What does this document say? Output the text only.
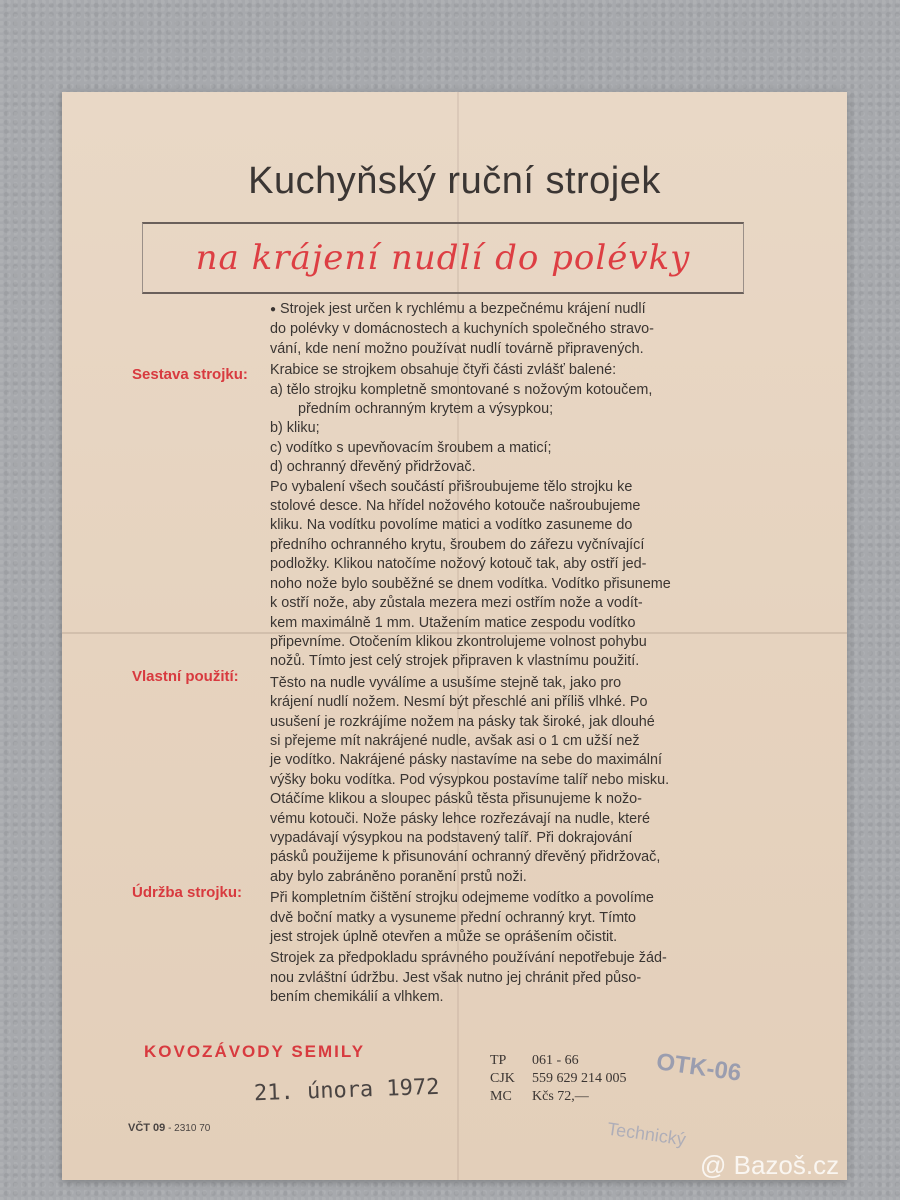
Kuchyňský ruční strojek
na krájení nudlí do polévky
Sestava strojku:
Vlastní použití:
Údržba strojku:
● Strojek jest určen k rychlému a bezpečnému krájení nudlí
do polévky v domácnostech a kuchyních společného stravo-
vání, kde není možno používat nudlí továrně připravených.
Krabice se strojkem obsahuje čtyři části zvlášť balené:
a) tělo strojku kompletně smontované s nožovým kotoučem,
předním ochranným krytem a výsypkou;
b) kliku;
c) vodítko s upevňovacím šroubem a maticí;
d) ochranný dřevěný přidržovač.
Po vybalení všech součástí přišroubujeme tělo strojku ke
stolové desce. Na hřídel nožového kotouče našroubujeme
kliku. Na vodítku povolíme matici a vodítko zasuneme do
předního ochranného krytu, šroubem do zářezu vyčnívající
podložky. Klikou natočíme nožový kotouč tak, aby ostří jed-
noho nože bylo souběžné se dnem vodítka. Vodítko přisuneme
k ostří nože, aby zůstala mezera mezi ostřím nože a vodít-
kem maximálně 1 mm. Utažením matice zespodu vodítko
připevníme. Otočením klikou zkontrolujeme volnost pohybu
nožů. Tímto jest celý strojek připraven k vlastnímu použití.
Těsto na nudle vyválíme a usušíme stejně tak, jako pro
krájení nudlí nožem. Nesmí být přeschlé ani příliš vlhké. Po
usušení je rozkrájíme nožem na pásky tak široké, jak dlouhé
si přejeme mít nakrájené nudle, avšak asi o 1 cm užší než
je vodítko. Nakrájené pásky nastavíme na sebe do maximální
výšky boku vodítka. Pod výsypkou postavíme talíř nebo misku.
Otáčíme klikou a sloupec pásků těsta přisunujeme k nožo-
vému kotouči. Nože pásky lehce rozřezávají na nudle, které
vypadávají výsypkou na podstavený talíř. Při dokrajování
pásků použijeme k přisunování ochranný dřevěný přidržovač,
aby bylo zabráněno poranění prstů noži.
Při kompletním čištění strojku odejmeme vodítko a povolíme
dvě boční matky a vysuneme přední ochranný kryt. Tímto
jest strojek úplně otevřen a může se oprášením očistit.
Strojek za předpokladu správného používání nepotřebuje žád-
nou zvláštní údržbu. Jest však nutno jej chránit před půso-
bením chemikálií a vlhkem.
KOVOZÁVODY SEMILY
21. února 1972
TP 061 - 66
CJK 559 629 214 005
MC Kčs 72,—
OTK-06
Technický
VČT 09 - 2310 70
@ Bazoš.cz
